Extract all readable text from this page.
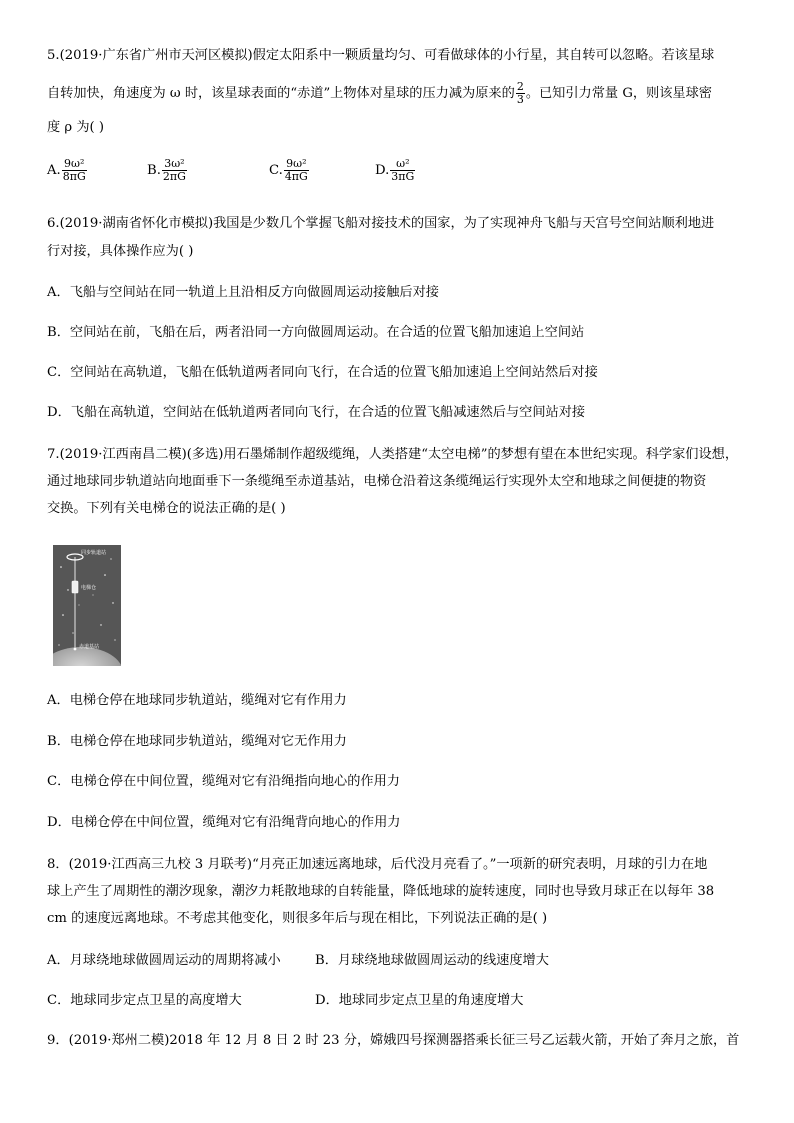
5.(2019·广东省广州市天河区模拟)假定太阳系中一颗质量均匀、可看做球体的小行星，其自转可以忽略。若该星球
自转加快，角速度为 ω 时，该星球表面的“赤道”上物体对星球的压力减为原来的 $\frac{2}{3}$ 。已知引力常量 G，则该星球密
度 ρ 为( )
A. $\frac{\text{9ω²}}{8\pi G}$	B. $\frac{\text{3ω²}}{2\pi G}$	C. $\frac{\text{9ω²}}{4\pi G}$	D. $\frac{\text{ω²}}{3\pi G}$
6.(2019·湖南省怀化市模拟)我国是少数几个掌握飞船对接技术的国家，为了实现神舟飞船与天宫号空间站顺利地进
行对接，具体操作应为( )
A．飞船与空间站在同一轨道上且沿相反方向做圆周运动接触后对接
B．空间站在前，飞船在后，两者沿同一方向做圆周运动。在合适的位置飞船加速追上空间站
C．空间站在高轨道，飞船在低轨道两者同向飞行，在合适的位置飞船加速追上空间站然后对接
D．飞船在高轨道，空间站在低轨道两者同向飞行，在合适的位置飞船减速然后与空间站对接
7.(2019·江西南昌二模)(多选)用石墨烯制作超级缆绳，人类搭建“太空电梯”的梦想有望在本世纪实现。科学家们设想，
通过地球同步轨道站向地面垂下一条缆绳至赤道基站，电梯仓沿着这条缆绳运行实现外太空和地球之间便捷的物资
交换。下列有关电梯仓的说法正确的是( )
同步轨道站
电梯仓
赤道基站
A．电梯仓停在地球同步轨道站，缆绳对它有作用力
B．电梯仓停在地球同步轨道站，缆绳对它无作用力
C．电梯仓停在中间位置，缆绳对它有沿绳指向地心的作用力
D．电梯仓停在中间位置，缆绳对它有沿绳背向地心的作用力
8．(2019·江西高三九校 3 月联考)“月亮正加速远离地球，后代没月亮看了。”一项新的研究表明，月球的引力在地
球上产生了周期性的潮汐现象，潮汐力耗散地球的自转能量，降低地球的旋转速度，同时也导致月球正在以每年 38
cm 的速度远离地球。不考虑其他变化，则很多年后与现在相比，下列说法正确的是( )
A．月球绕地球做圆周运动的周期将减小	B．月球绕地球做圆周运动的线速度增大
C．地球同步定点卫星的高度增大	D．地球同步定点卫星的角速度增大
9．(2019·郑州二模)2018 年 12 月 8 日 2 时 23 分，嫦娥四号探测器搭乘长征三号乙运载火箭，开始了奔月之旅，首
